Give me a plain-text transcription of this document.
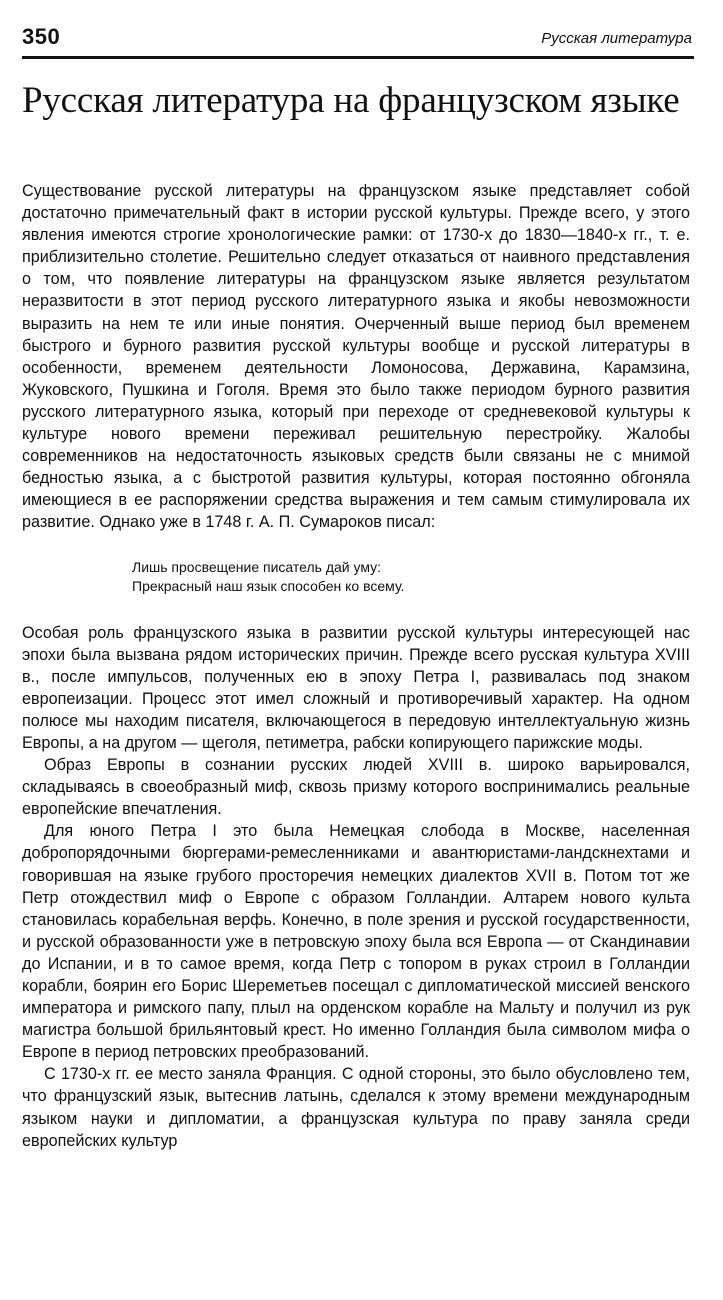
350	Русская литература
Русская литература на французском языке

Существование русской литературы на французском языке представляет собой достаточно примечательный факт в истории русской культуры. Прежде всего, у этого явления имеются строгие хронологические рамки: от 1730-х до 1830—1840-х гг., т. е. приблизительно столетие. Решительно следует отказаться от наивного представления о том, что появление литературы на французском языке является результатом неразвитости в этот период русского литературного языка и якобы невозможности выразить на нем те или иные понятия. Очерченный выше период был временем быстрого и бурного развития русской культуры вообще и русской литературы в особенности, временем деятельности Ломоносова, Державина, Карамзина, Жуковского, Пушкина и Гоголя. Время это было также периодом бурного развития русского литературного языка, который при переходе от средневековой культуры к культуре нового времени переживал решительную перестройку. Жалобы современников на недостаточность языковых средств были связаны не с мнимой бедностью языка, а с быстротой развития культуры, которая постоянно обгоняла имеющиеся в ее распоряжении средства выражения и тем самым стимулировала их развитие. Однако уже в 1748 г. А. П. Сумароков писал:

Лишь просвещение писатель дай уму:
Прекрасный наш язык способен ко всему.

Особая роль французского языка в развитии русской культуры интересующей нас эпохи была вызвана рядом исторических причин. Прежде всего русская культура XVIII в., после импульсов, полученных ею в эпоху Петра I, развивалась под знаком европеизации. Процесс этот имел сложный и противоречивый характер. На одном полюсе мы находим писателя, включающегося в передовую интеллектуальную жизнь Европы, а на другом — щеголя, петиметра, рабски копирующего парижские моды.

Образ Европы в сознании русских людей XVIII в. широко варьировался, складываясь в своеобразный миф, сквозь призму которого воспринимались реальные европейские впечатления.

Для юного Петра I это была Немецкая слобода в Москве, населенная добропорядочными бюргерами-ремесленниками и авантюристами-ландскнехтами и говорившая на языке грубого просторечия немецких диалектов XVII в. Потом тот же Петр отождествил миф о Европе с образом Голландии. Алтарем нового культа становилась корабельная верфь. Конечно, в поле зрения и русской государственности, и русской образованности уже в петровскую эпоху была вся Европа — от Скандинавии до Испании, и в то самое время, когда Петр с топором в руках строил в Голландии корабли, боярин его Борис Шереметьев посещал с дипломатической миссией венского императора и римского папу, плыл на орденском корабле на Мальту и получил из рук магистра большой брильянтовый крест. Но именно Голландия была символом мифа о Европе в период петровских преобразований.

С 1730-х гг. ее место заняла Франция. С одной стороны, это было обусловлено тем, что французский язык, вытеснив латынь, сделался к этому времени международным языком науки и дипломатии, а французская культура по праву заняла среди европейских культур
